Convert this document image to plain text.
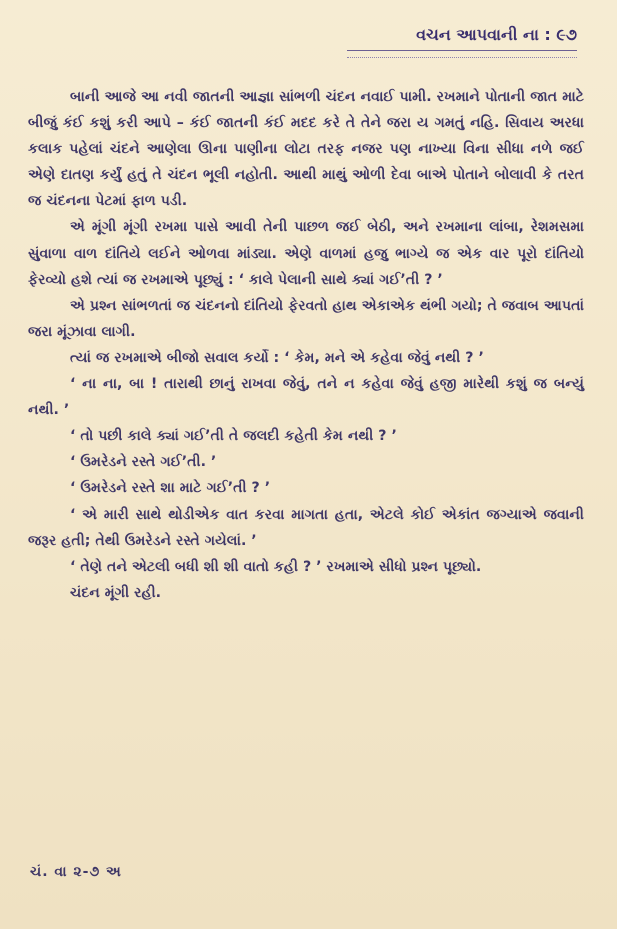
વચન આપવાની ના : ૯૭

બાની આજે આ નવી જાતની આજ્ઞા સાંભળી ચંદન નવાઈ પામી. રખમાને પોતાની જાત માટે બીજું કંઈ કશું કરી આપે – કંઈ જાતની કંઈ મદદ કરે તે તેને જરા ય ગમતું નહિ. સિવાય અરધા કલાક પહેલાં ચંદને આણેલા ઊના પાણીના લોટા તરફ નજર પણ નાખ્યા વિના સીધા નળે જઈ એણે દાતણ કર્યું હતું તે ચંદન ભૂલી નહોતી. આથી માથું ઓળી દેવા બાએ પોતાને બોલાવી કે તરત જ ચંદનના પેટમાં ફાળ પડી.

એ મૂંગી મૂંગી રખમા પાસે આવી તેની પાછળ જઈ બેઠી, અને રખમાના લાંબા, રેશમસમા સુંવાળા વાળ દાંતિયે લઈને ઓળવા માંડ્યા. એણે વાળમાં હજુ ભાગ્યે જ એક વાર પૂરો દાંતિયો ફેરવ્યો હશે ત્યાં જ રખમાએ પૂછ્યું : ‘ કાલે પેલાની સાથે ક્યાં ગઈ’તી ? ’

એ પ્રશ્ન સાંભળતાં જ ચંદનનો દાંતિયો ફેરવતો હાથ એકાએક થંભી ગયો; તે જવાબ આપતાં જરા મૂંઝાવા લાગી.

ત્યાં જ રખમાએ બીજો સવાલ કર્યો : ‘ કેમ, મને એ કહેવા જેવું નથી ? ’

‘ ના ના, બા ! તારાથી છાનું રાખવા જેવું, તને ન કહેવા જેવું હજી મારેથી કશું જ બન્યું નથી. ’

‘ તો પછી કાલે ક્યાં ગઈ’તી તે જલદી કહેતી કેમ નથી ? ’

‘ ઉમરેડને રસ્તે ગઈ’તી. ’

‘ ઉમરેડને રસ્તે શા માટે ગઈ’તી ? ’

‘ એ મારી સાથે થોડીએક વાત કરવા માગતા હતા, એટલે કોઈ એકાંત જગ્યાએ જવાની જરૂર હતી; તેથી ઉમરેડને રસ્તે ગયેલાં. ’

‘ તેણે તને એટલી બધી શી શી વાતો કહી ? ’ રખમાએ સીધો પ્રશ્ન પૂછ્યો.

ચંદન મૂંગી રહી.

ચં. વા ૨-૭ અ
